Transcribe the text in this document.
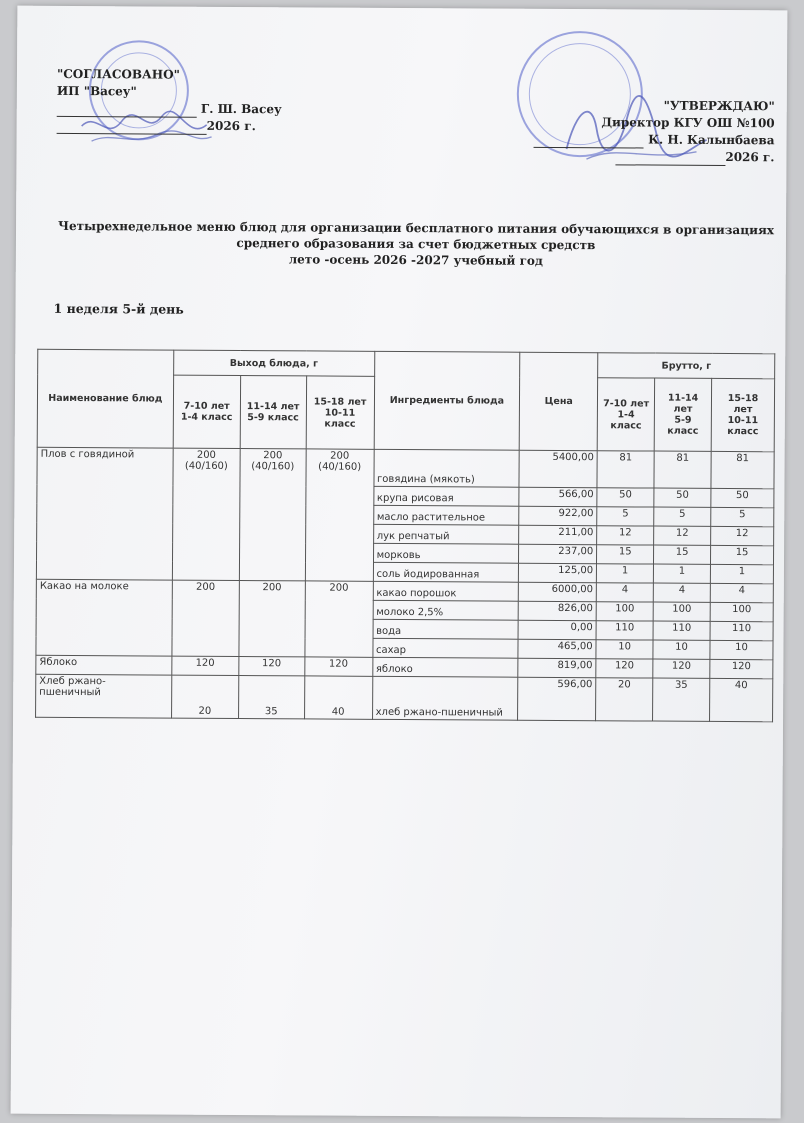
"СОГЛАСОВАНО"
ИП "Васеу"
Г. Ш. Васеу
2026 г.
"УТВЕРЖДАЮ"
Директор КГУ ОШ №100
К. Н. Калынбаева
2026 г.
Четырехнедельное меню блюд для организации бесплатного питания обучающихся в организациях
среднего образования за счет бюджетных средств
лето -осень 2026 -2027 учебный год
1 неделя 5-й день
Наименование блюд	Выход блюда, г			Ингредиенты блюда	Цена	Брутто, г		
	7-10 лет
1-4 класс	11-14 лет
5-9 класс	15-18 лет
10-11
класс			7-10 лет
1-4
класс	11-14 лет
5-9 класс	15-18
лет
10-11
класс
Плов с говядиной	200
(40/160)	200
(40/160)	200
(40/160)	говядина (мякоть)	5400,00	81	81	81
				крупа рисовая	566,00	50	50	50
				масло растительное	922,00	5	5	5
				лук репчатый	211,00	12	12	12
				морковь	237,00	15	15	15
				соль йодированная	125,00	1	1	1
Какао на молоке	200	200	200	какао порошок	6000,00	4	4	4
				молоко 2,5%	826,00	100	100	100
				вода	0,00	110	110	110
				сахар	465,00	10	10	10
Яблоко	120	120	120	яблоко	819,00	120	120	120
Хлеб ржано-
пшеничный	20	35	40	хлеб ржано-пшеничный	596,00	20	35	40
